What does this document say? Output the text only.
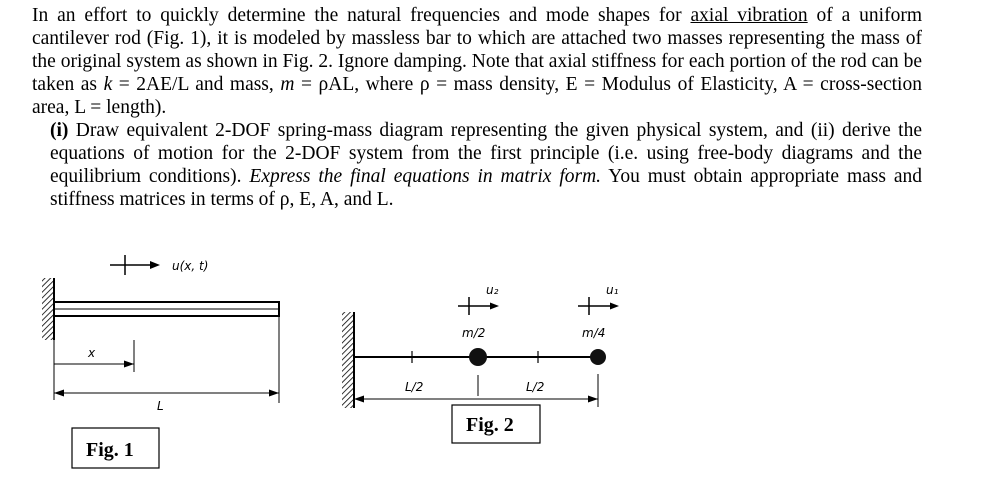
In an effort to quickly determine the natural frequencies and mode shapes for axial vibration of a uniform cantilever rod (Fig. 1), it is modeled by massless bar to which are attached two masses representing the mass of the original system as shown in Fig. 2. Ignore damping. Note that axial stiffness for each portion of the rod can be taken as k = 2AE/L and mass, m = ρAL, where ρ = mass density, E = Modulus of Elasticity, A = cross-section area, L = length).

(i) Draw equivalent 2-DOF spring-mass diagram representing the given physical system, and (ii) derive the equations of motion for the 2-DOF system from the first principle (i.e. using free-body diagrams and the equilibrium conditions). Express the final equations in matrix form. You must obtain appropriate mass and stiffness matrices in terms of ρ, E, A, and L.

u(x, t)
x
L
Fig. 1
u₂
m/2
u₁
m/4
L/2	L/2
Fig. 2
